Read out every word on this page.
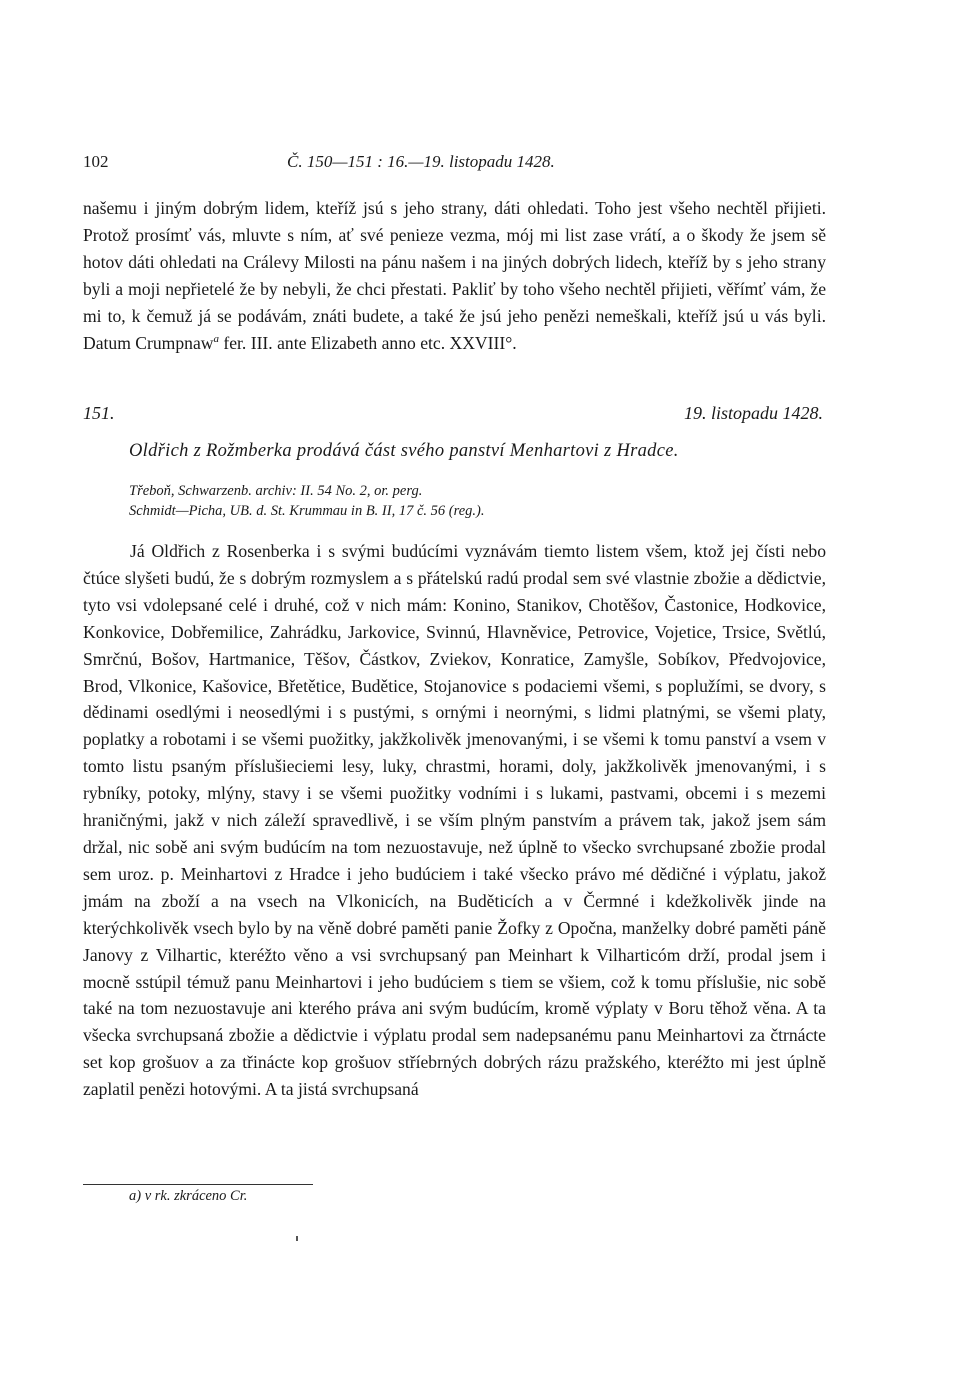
102	Č. 150—151 : 16.—19. listopadu 1428.

našemu i jiným dobrým lidem, kteříž jsú s jeho strany, dáti ohledati. Toho jest všeho nechtěl přijieti. Protož prosímť vás, mluvte s ním, ať své penieze vezma, mój mi list zase vrátí, a o škody že jsem sě hotov dáti ohledati na Crálevy Milosti na pánu našem i na jiných dobrých lidech, kteříž by s jeho strany byli a moji nepřietelé že by nebyli, že chci přestati. Pakliť by toho všeho nechtěl přijieti, věřímť vám, že mi to, k čemuž já se podávám, znáti budete, a také že jsú jeho penězi nemeškali, kteříž jsú u vás byli. Datum Crumpnaw$^a$ fer. III. ante Elizabeth anno etc. XXVIII°.

151.	19. listopadu 1428.
Oldřich z Rožmberka prodává část svého panství Menhartovi z Hradce.
Třeboň, Schwarzenb. archiv: II. 54 No. 2, or. perg.
Schmidt—Picha, UB. d. St. Krummau in B. II, 17 č. 56 (reg.).

Já Oldřich z Rosenberka i s svými budúcími vyznávám tiemto listem všem, ktož jej čísti nebo čtúce slyšeti budú, že s dobrým rozmyslem a s přátelskú radú prodal sem své vlastnie zbožie a dědictvie, tyto vsi vdolepsané celé i druhé, což v nich mám: Konino, Stanikov, Chotěšov, Častonice, Hodkovice, Konkovice, Dobřemilice, Zahrádku, Jarkovice, Svinnú, Hlavněvice, Petrovice, Vojetice, Trsice, Světlú, Smrčnú, Bošov, Hartmanice, Těšov, Částkov, Zviekov, Konratice, Zamyšle, Sobíkov, Předvojovice, Brod, Vlkonice, Kašovice, Břetětice, Budětice, Stojanovice s podaciemi všemi, s poplužími, se dvory, s dědinami osedlými i neosedlými i s pustými, s ornými i neornými, s lidmi platnými, se všemi platy, poplatky a robotami i se všemi puožitky, jakžkolivěk jmenovanými, i se všemi k tomu panství a vsem v tomto listu psaným příslušieciemi lesy, luky, chrastmi, horami, doly, jakžkolivěk jmenovanými, i s rybníky, potoky, mlýny, stavy i se všemi puožitky vodními i s lukami, pastvami, obcemi i s mezemi hraničnými, jakž v nich záleží spravedlivě, i se vším plným panstvím a právem tak, jakož jsem sám držal, nic sobě ani svým budúcím na tom nezuostavuje, než úplně to všecko svrchupsané zbožie prodal sem uroz. p. Meinhartovi z Hradce i jeho budúciem i také všecko právo mé dědičné i výplatu, jakož jmám na zboží a na vsech na Vlkonicích, na Buděticích a v Čermné i kdežkolivěk jinde na kterýchkolivěk vsech bylo by na věně dobré paměti panie Žofky z Opočna, manželky dobré paměti páně Janovy z Vilhartic, kteréžto věno a vsi svrchupsaný pan Meinhart k Vilharticóm drží, prodal jsem i mocně sstúpil témuž panu Meinhartovi i jeho budúciem s tiem se všiem, což k tomu příslušie, nic sobě také na tom nezuostavuje ani kterého práva ani svým budúcím, kromě výplaty v Boru těhož věna. A ta všecka svrchupsaná zbožie a dědictvie i výplatu prodal sem nadepsanému panu Meinhartovi za čtrnácte set kop grošuov a za třinácte kop grošuov stříebrných dobrých rázu pražského, kteréžto mi jest úplně zaplatil penězi hotovými. A ta jistá svrchupsaná

a) v rk. zkráceno Cr.
